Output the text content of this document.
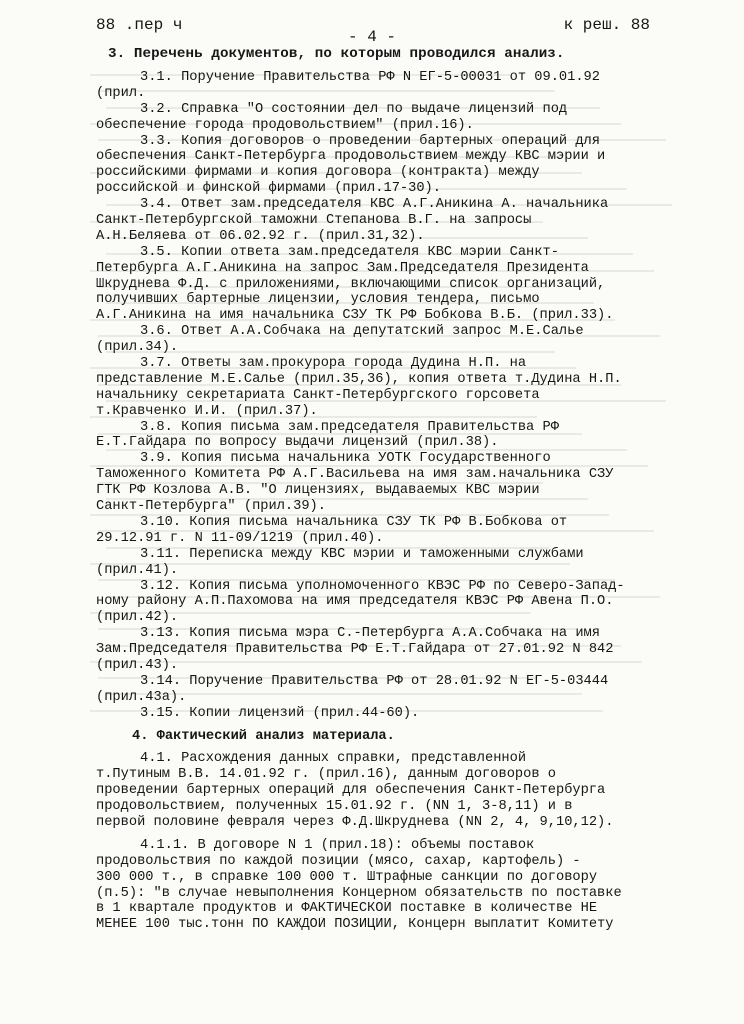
88 .пер ч	к реш. 88
- 4 -
3. Перечень документов, по которым проводился анализ.
3.1. Поручение Правительства РФ N ЕГ-5-00031 от 09.01.92
(прил.
3.2. Справка "О состоянии дел по выдаче лицензий под
обеспечение города продовольствием" (прил.16).
3.3. Копия договоров о проведении бартерных операций для
обеспечения Санкт-Петербурга продовольствием между КВС мэрии и
российскими фирмами и копия договора (контракта) между
российской и финской фирмами (прил.17-30).
3.4. Ответ зам.председателя КВС А.Г.Аникина А. начальника
Санкт-Петербургской таможни Степанова В.Г. на запросы
А.Н.Беляева от 06.02.92 г. (прил.31,32).
3.5. Копии ответа зам.председателя КВС мэрии Санкт-
Петербурга А.Г.Аникина на запрос Зам.Председателя Президента
Шкруднева Ф.Д. с приложениями, включающими список организаций,
получивших бартерные лицензии, условия тендера, письмо
А.Г.Аникина на имя начальника СЗУ ТК РФ Бобкова В.Б. (прил.33).
3.6. Ответ А.А.Собчака на депутатский запрос М.Е.Салье
(прил.34).
3.7. Ответы зам.прокурора города Дудина Н.П. на
представление М.Е.Салье (прил.35,36), копия ответа т.Дудина Н.П.
начальнику секретариата Санкт-Петербургского горсовета
т.Кравченко И.И. (прил.37).
3.8. Копия письма зам.председателя Правительства РФ
Е.Т.Гайдара по вопросу выдачи лицензий (прил.38).
3.9. Копия письма начальника УОТК Государственного
Таможенного Комитета РФ А.Г.Васильева на имя зам.начальника СЗУ
ГТК РФ Козлова А.В. "О лицензиях, выдаваемых КВС мэрии
Санкт-Петербурга" (прил.39).
3.10. Копия письма начальника СЗУ ТК РФ В.Бобкова от
29.12.91 г. N 11-09/1219 (прил.40).
3.11. Переписка между КВС мэрии и таможенными службами
(прил.41).
3.12. Копия письма уполномоченного КВЭС РФ по Северо-Запад-
ному району А.П.Пахомова на имя председателя КВЭС РФ Авена П.О.
(прил.42).
3.13. Копия письма мэра С.-Петербурга А.А.Собчака на имя
Зам.Председателя Правительства РФ Е.Т.Гайдара от 27.01.92 N 842
(прил.43).
3.14. Поручение Правительства РФ от 28.01.92 N ЕГ-5-03444
(прил.43а).
3.15. Копии лицензий (прил.44-60).
4. Фактический анализ материала.
4.1. Расхождения данных справки, представленной
т.Путиным В.В. 14.01.92 г. (прил.16), данным договоров о
проведении бартерных операций для обеспечения Санкт-Петербурга
продовольствием, полученных 15.01.92 г. (NN 1, 3-8,11) и в
первой половине февраля через Ф.Д.Шкруднева (NN 2, 4, 9,10,12).
4.1.1. В договоре N 1 (прил.18): объемы поставок
продовольствия по каждой позиции (мясо, сахар, картофель) -
300 000 т., в справке 100 000 т. Штрафные санкции по договору
(п.5): "в случае невыполнения Концерном обязательств по поставке
в 1 квартале продуктов и ФАКТИЧЕСКОЙ поставке в количестве НЕ
МЕНЕЕ 100 тыс.тонн ПО КАЖДОЙ ПОЗИЦИИ, Концерн выплатит Комитету
